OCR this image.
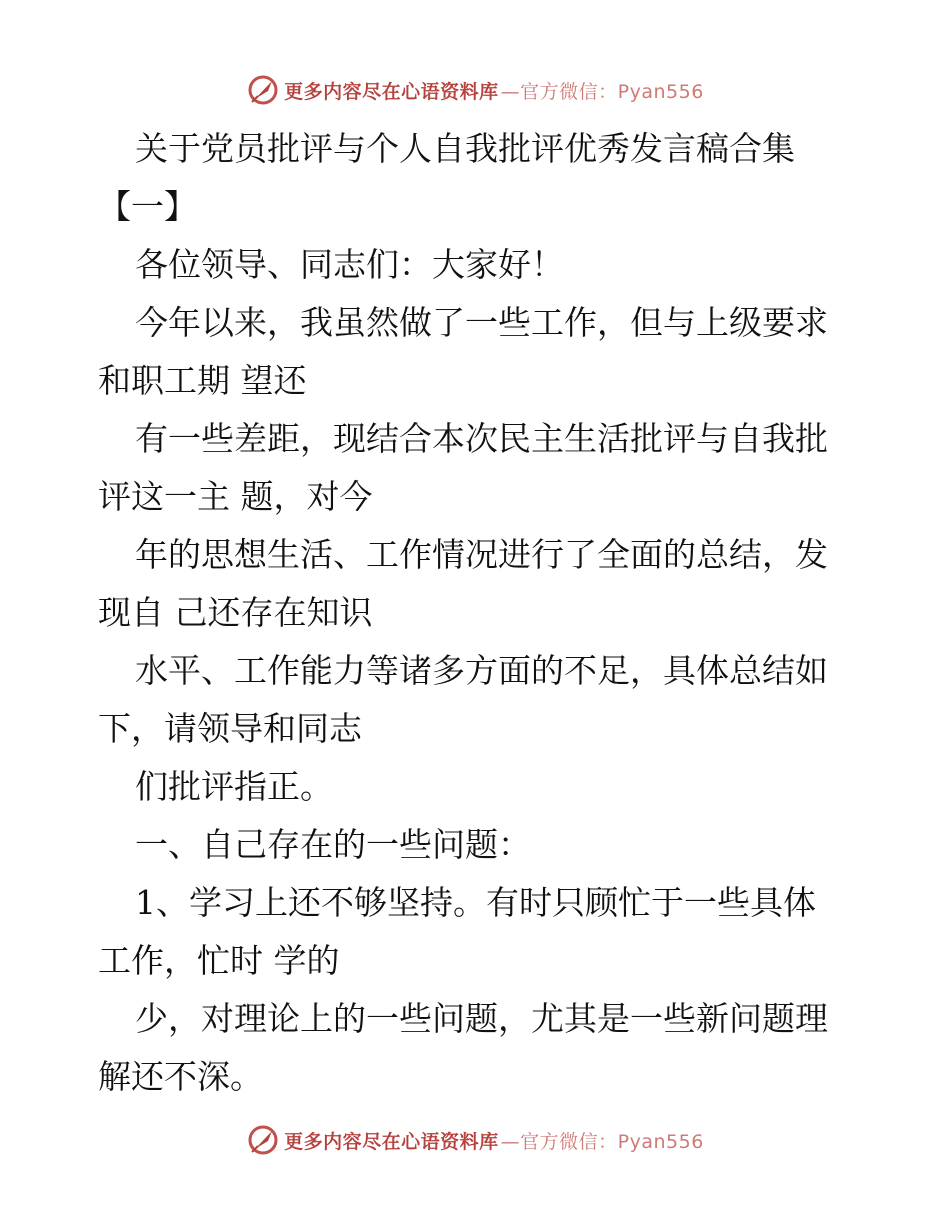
更多内容尽在心语资料库 —官方微信：Pyan556
关于党员批评与个人自我批评优秀发言稿合集
【一】
各位领导、同志们：大家好！
今年以来，我虽然做了一些工作，但与上级要求
和职工期 望还
有一些差距，现结合本次民主生活批评与自我批
评这一主 题，对今
年的思想生活、工作情况进行了全面的总结，发
现自 己还存在知识
水平、工作能力等诸多方面的不足，具体总结如
下，请领导和同志
们批评指正。
一、自己存在的一些问题：
1、学习上还不够坚持。有时只顾忙于一些具体
工作，忙时 学的
少，对理论上的一些问题，尤其是一些新问题理
解还不深。
更多内容尽在心语资料库 —官方微信：Pyan556
